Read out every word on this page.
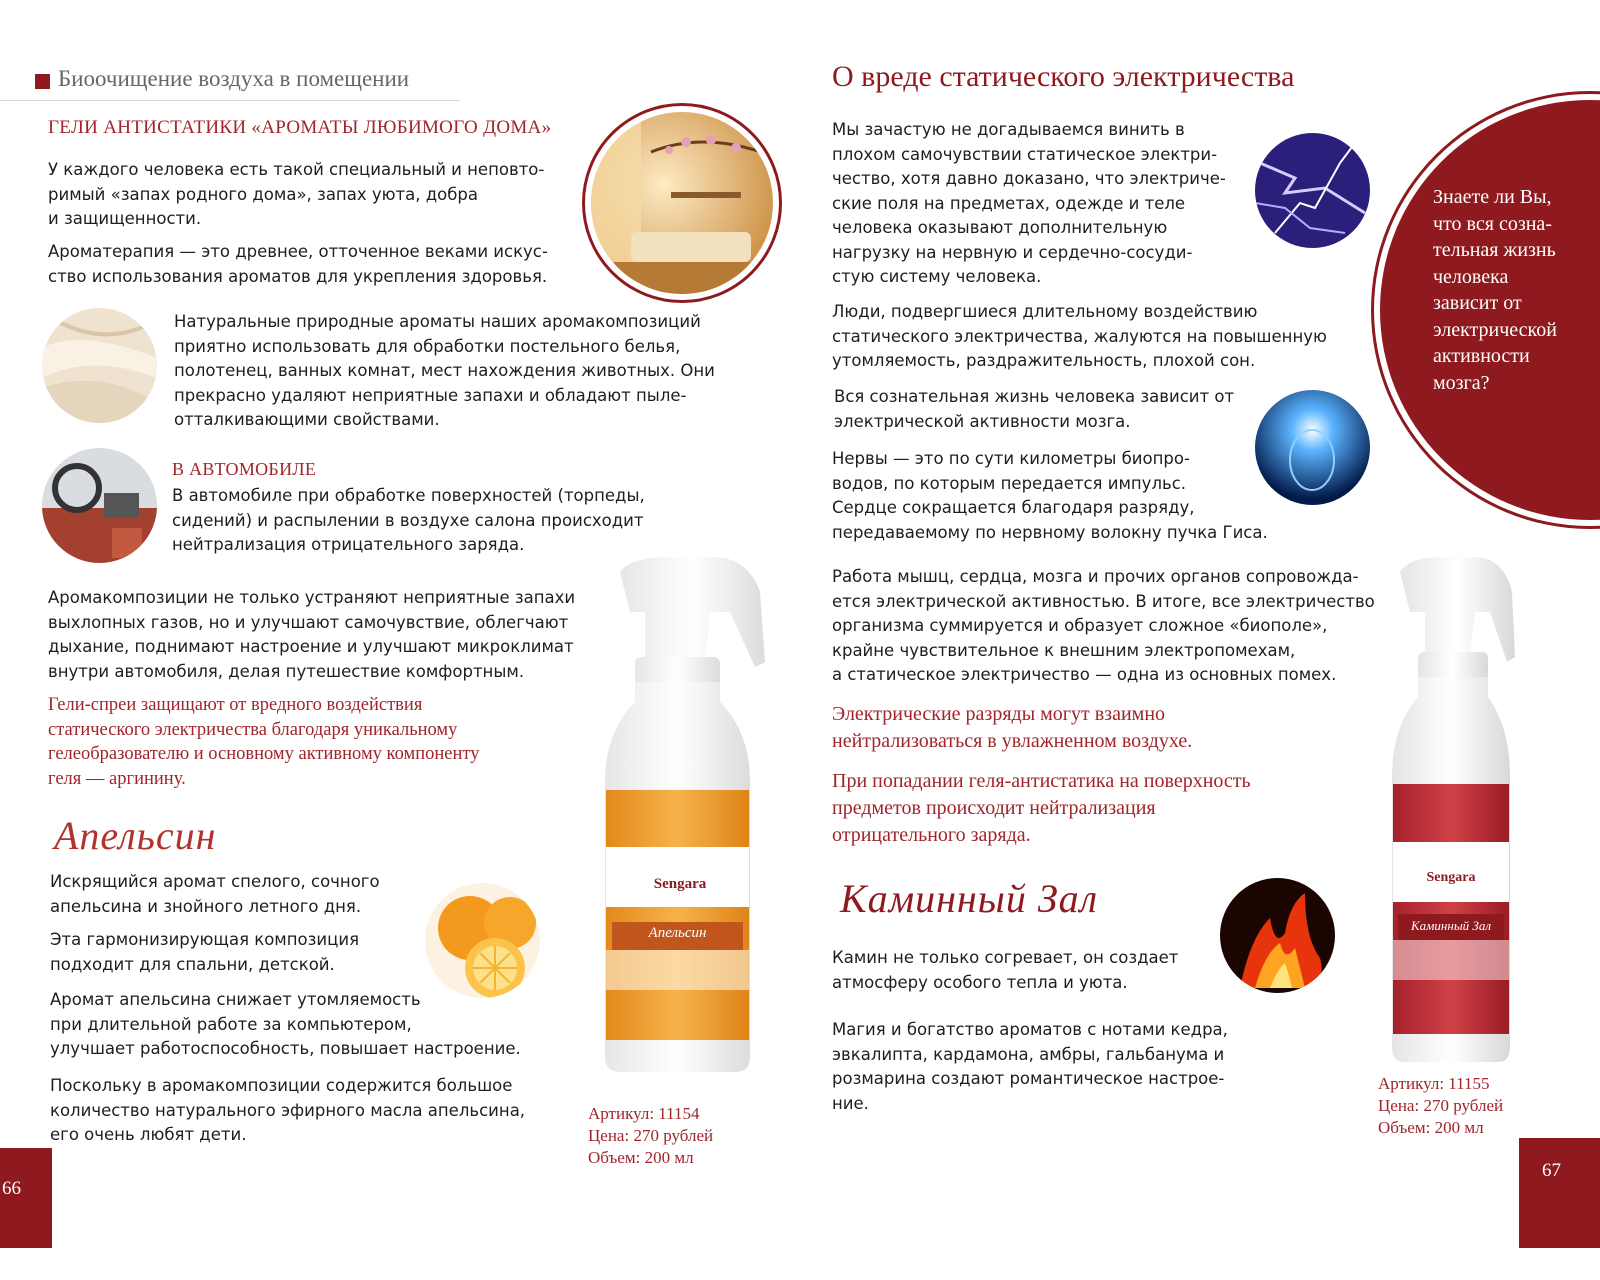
Биоочищение воздуха в помещении
ГЕЛИ АНТИСТАТИКИ «АРОМАТЫ ЛЮБИМОГО ДОМА»

У каждого человека есть такой специальный и неповто-
римый «запах родного дома», запах уюта, добра
и защищенности.

Ароматерапия — это древнее, отточенное веками искус-
ство использования ароматов для укрепления здоровья.

Натуральные природные ароматы наших аромакомпозиций
приятно использовать для обработки постельного белья,
полотенец, ванных комнат, мест нахождения животных. Они
прекрасно удаляют неприятные запахи и обладают пыле-
отталкивающими свойствами.

В АВТОМОБИЛЕ

В автомобиле при обработке поверхностей (торпеды,
сидений) и распылении в воздухе салона происходит
нейтрализация отрицательного заряда.

Аромакомпозиции не только устраняют неприятные запахи
выхлопных газов, но и улучшают самочувствие, облегчают
дыхание, поднимают настроение и улучшают микроклимат
внутри автомобиля, делая путешествие комфортным.

Гели-спреи защищают от вредного воздействия
статического электричества благодаря уникальному
гелеобразователю и основному активному компоненту
геля — аргинину.

Апельсин

Искрящийся аромат спелого, сочного
апельсина и знойного летного дня.

Эта гармонизирующая композиция
подходит для спальни, детской.

Аромат апельсина снижает утомляемость
при длительной работе за компьютером,
улучшает работоспособность, повышает настроение.

Поскольку в аромакомпозиции содержится большое
количество натурального эфирного масла апельсина,
его очень любят дети.

Sengara
Апельсин
Артикул: 11154
Цена: 270 рублей
Объем: 200 мл
66
О вреде статического электричества

Мы зачастую не догадываемся винить в
плохом самочувствии статическое электри-
чество, хотя давно доказано, что электриче-
ские поля на предметах, одежде и теле
человека оказывают дополнительную
нагрузку на нервную и сердечно-сосуди-
стую систему человека.

Люди, подвергшиеся длительному воздействию
статического электричества, жалуются на повышенную
утомляемость, раздражительность, плохой сон.

Вся сознательная жизнь человека зависит от
электрической активности мозга.

Нервы — это по сути километры биопро-
водов, по которым передается импульс.
Сердце сокращается благодаря разряду,
передаваемому по нервному волокну пучка Гиса.

Работа мышц, сердца, мозга и прочих органов сопровожда-
ется электрической активностью. В итоге, все электричество
организма суммируется и образует сложное «биополе»,
крайне чувствительное к внешним электропомехам,
а статическое электричество — одна из основных помех.

Электрические разряды могут взаимно
нейтрализоваться в увлажненном воздухе.

При попадании геля-антистатика на поверхность
предметов происходит нейтрализация
отрицательного заряда.

Каминный Зал

Камин не только согревает, он создает
атмосферу особого тепла и уюта.

Магия и богатство ароматов с нотами кедра,
эвкалипта, кардамона, амбры, гальбанума и
розмарина создают романтическое настрое-
ние.

Sengara
Каминный Зал
Артикул: 11155
Цена: 270 рублей
Объем: 200 мл
Знаете ли Вы,
что вся созна-
тельная жизнь
человека
зависит от
электрической
активности
мозга?
67
